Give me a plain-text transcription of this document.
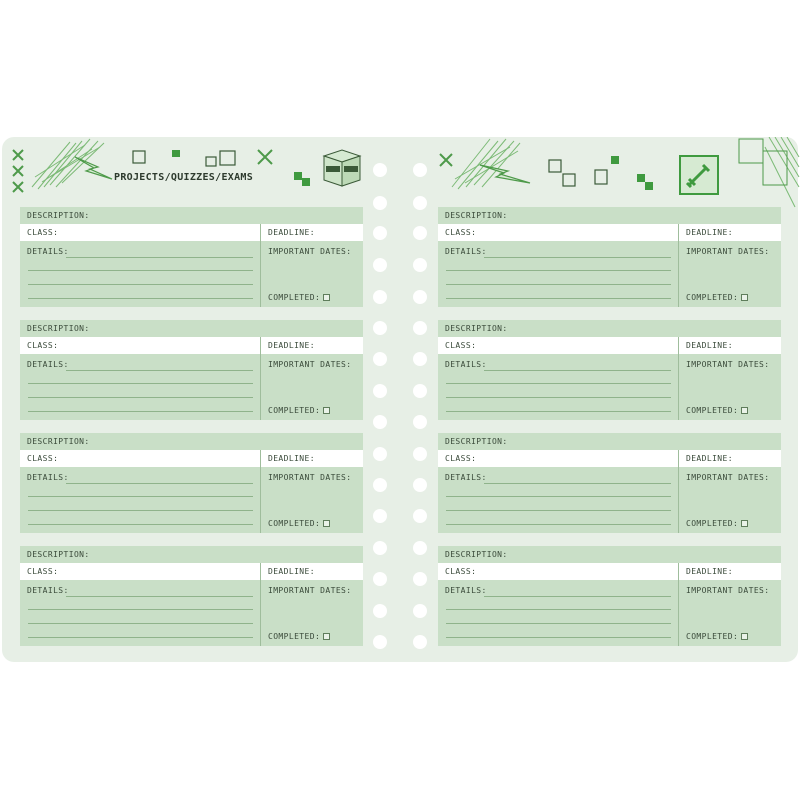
PROJECTS/QUIZZES/EXAMS
DESCRIPTION:
CLASS:	DEADLINE:
DETAILS:	IMPORTANT DATES:
COMPLETED:
DESCRIPTION:
CLASS:	DEADLINE:
DETAILS:	IMPORTANT DATES:
COMPLETED:
DESCRIPTION:
CLASS:	DEADLINE:
DETAILS:	IMPORTANT DATES:
COMPLETED:
DESCRIPTION:
CLASS:	DEADLINE:
DETAILS:	IMPORTANT DATES:
COMPLETED:
DESCRIPTION:
CLASS:	DEADLINE:
DETAILS:	IMPORTANT DATES:
COMPLETED:
DESCRIPTION:
CLASS:	DEADLINE:
DETAILS:	IMPORTANT DATES:
COMPLETED:
DESCRIPTION:
CLASS:	DEADLINE:
DETAILS:	IMPORTANT DATES:
COMPLETED:
DESCRIPTION:
CLASS:	DEADLINE:
DETAILS:	IMPORTANT DATES:
COMPLETED:
